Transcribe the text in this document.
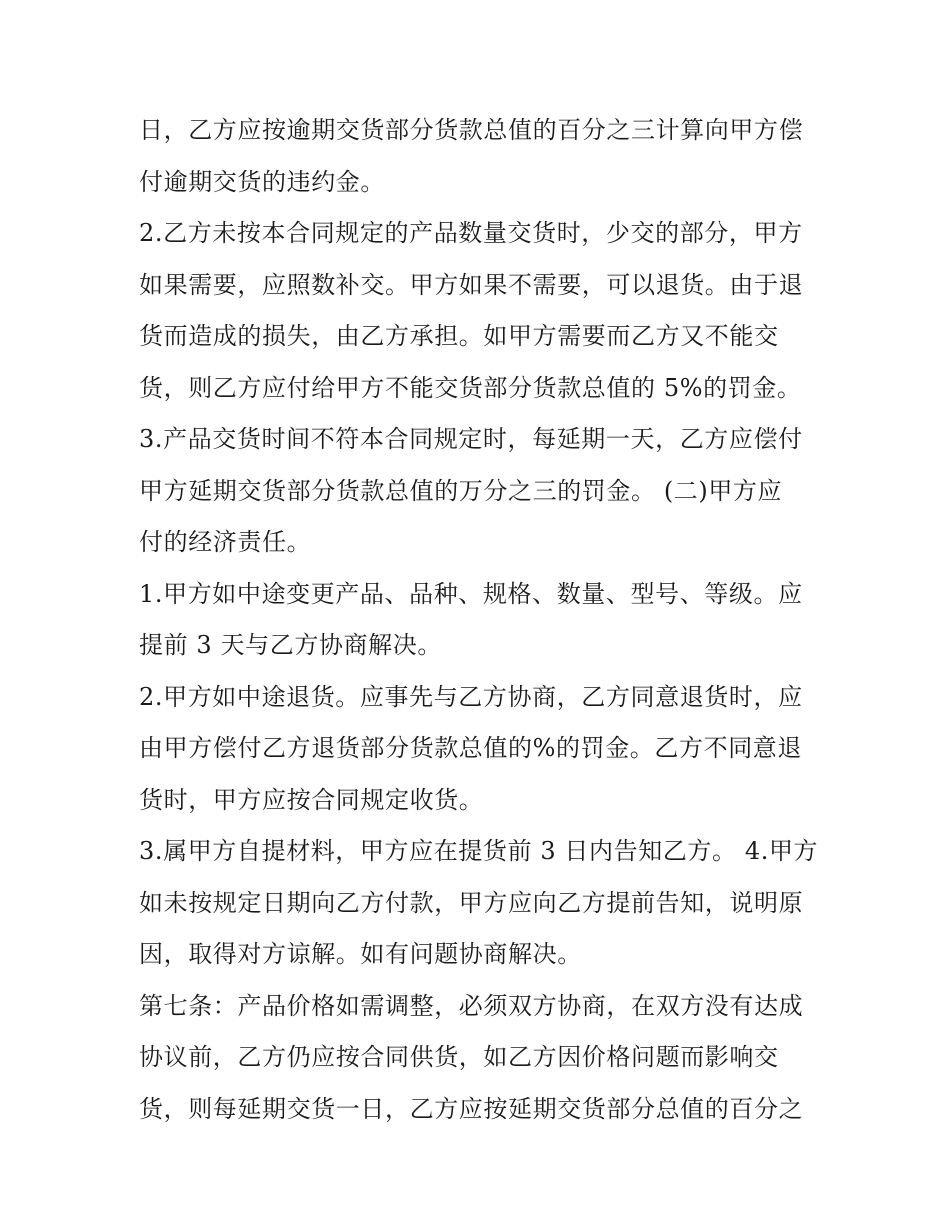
日，乙方应按逾期交货部分货款总值的百分之三计算向甲方偿
付逾期交货的违约金。
2.乙方未按本合同规定的产品数量交货时，少交的部分，甲方
如果需要，应照数补交。甲方如果不需要，可以退货。由于退
货而造成的损失，由乙方承担。如甲方需要而乙方又不能交
货，则乙方应付给甲方不能交货部分货款总值的 5%的罚金。
3.产品交货时间不符本合同规定时，每延期一天，乙方应偿付
甲方延期交货部分货款总值的万分之三的罚金。 (二)甲方应
付的经济责任。
1.甲方如中途变更产品、品种、规格、数量、型号、等级。应
提前 3 天与乙方协商解决。
2.甲方如中途退货。应事先与乙方协商，乙方同意退货时，应
由甲方偿付乙方退货部分货款总值的%的罚金。乙方不同意退
货时，甲方应按合同规定收货。
3.属甲方自提材料，甲方应在提货前 3 日内告知乙方。 4.甲方
如未按规定日期向乙方付款，甲方应向乙方提前告知，说明原
因，取得对方谅解。如有问题协商解决。
第七条：产品价格如需调整，必须双方协商，在双方没有达成
协议前，乙方仍应按合同供货，如乙方因价格问题而影响交
货，则每延期交货一日，乙方应按延期交货部分总值的百分之
